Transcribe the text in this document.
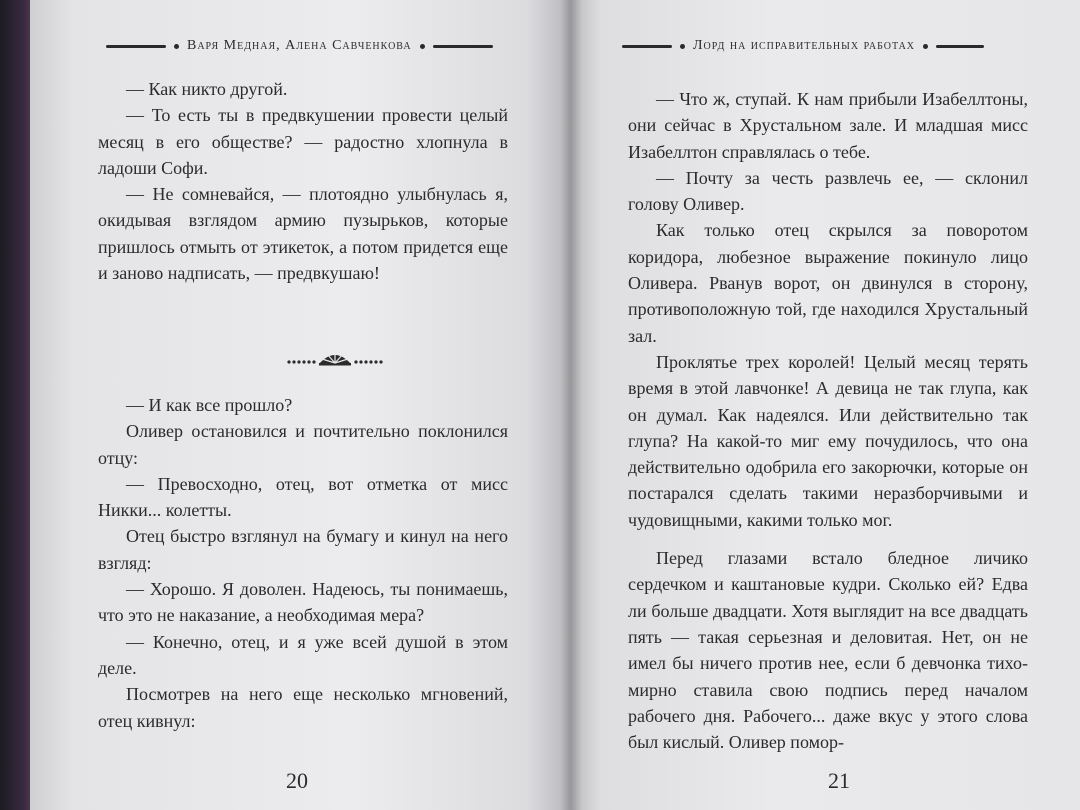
Варя Медная, Алена Савченкова

— Как никто другой.

— То есть ты в предвкушении провести целый месяц в его обществе? — радостно хлопнула в ладоши Софи.

— Не сомневайся, — плотоядно улыбнулась я, окидывая взглядом армию пузырьков, которые пришлось отмыть от этикеток, а потом придется еще и заново надписать, — предвкушаю!

— И как все прошло?

Оливер остановился и почтительно поклонился отцу:

— Превосходно, отец, вот отметка от мисс Никки... колетты.

Отец быстро взглянул на бумагу и кинул на него взгляд:

— Хорошо. Я доволен. Надеюсь, ты понимаешь, что это не наказание, а необходимая мера?

— Конечно, отец, и я уже всей душой в этом деле.

Посмотрев на него еще несколько мгновений, отец кивнул:

20
Лорд на исправительных работах

— Что ж, ступай. К нам прибыли Изабеллтоны, они сейчас в Хрустальном зале. И младшая мисс Изабеллтон справлялась о тебе.

— Почту за честь развлечь ее, — склонил голову Оливер.

Как только отец скрылся за поворотом коридора, любезное выражение покинуло лицо Оливера. Рванув ворот, он двинулся в сторону, противоположную той, где находился Хрустальный зал.

Проклятье трех королей! Целый месяц терять время в этой лавчонке! А девица не так глупа, как он думал. Как надеялся. Или действительно так глупа? На какой-то миг ему почудилось, что она действительно одобрила его закорючки, которые он постарался сделать такими неразборчивыми и чудовищными, какими только мог.

Перед глазами встало бледное личико сердечком и каштановые кудри. Сколько ей? Едва ли больше двадцати. Хотя выглядит на все двадцать пять — такая серьезная и деловитая. Нет, он не имел бы ничего против нее, если б девчонка тихо-мирно ставила свою подпись перед началом рабочего дня. Рабочего... даже вкус у этого слова был кислый. Оливер помор-

21
